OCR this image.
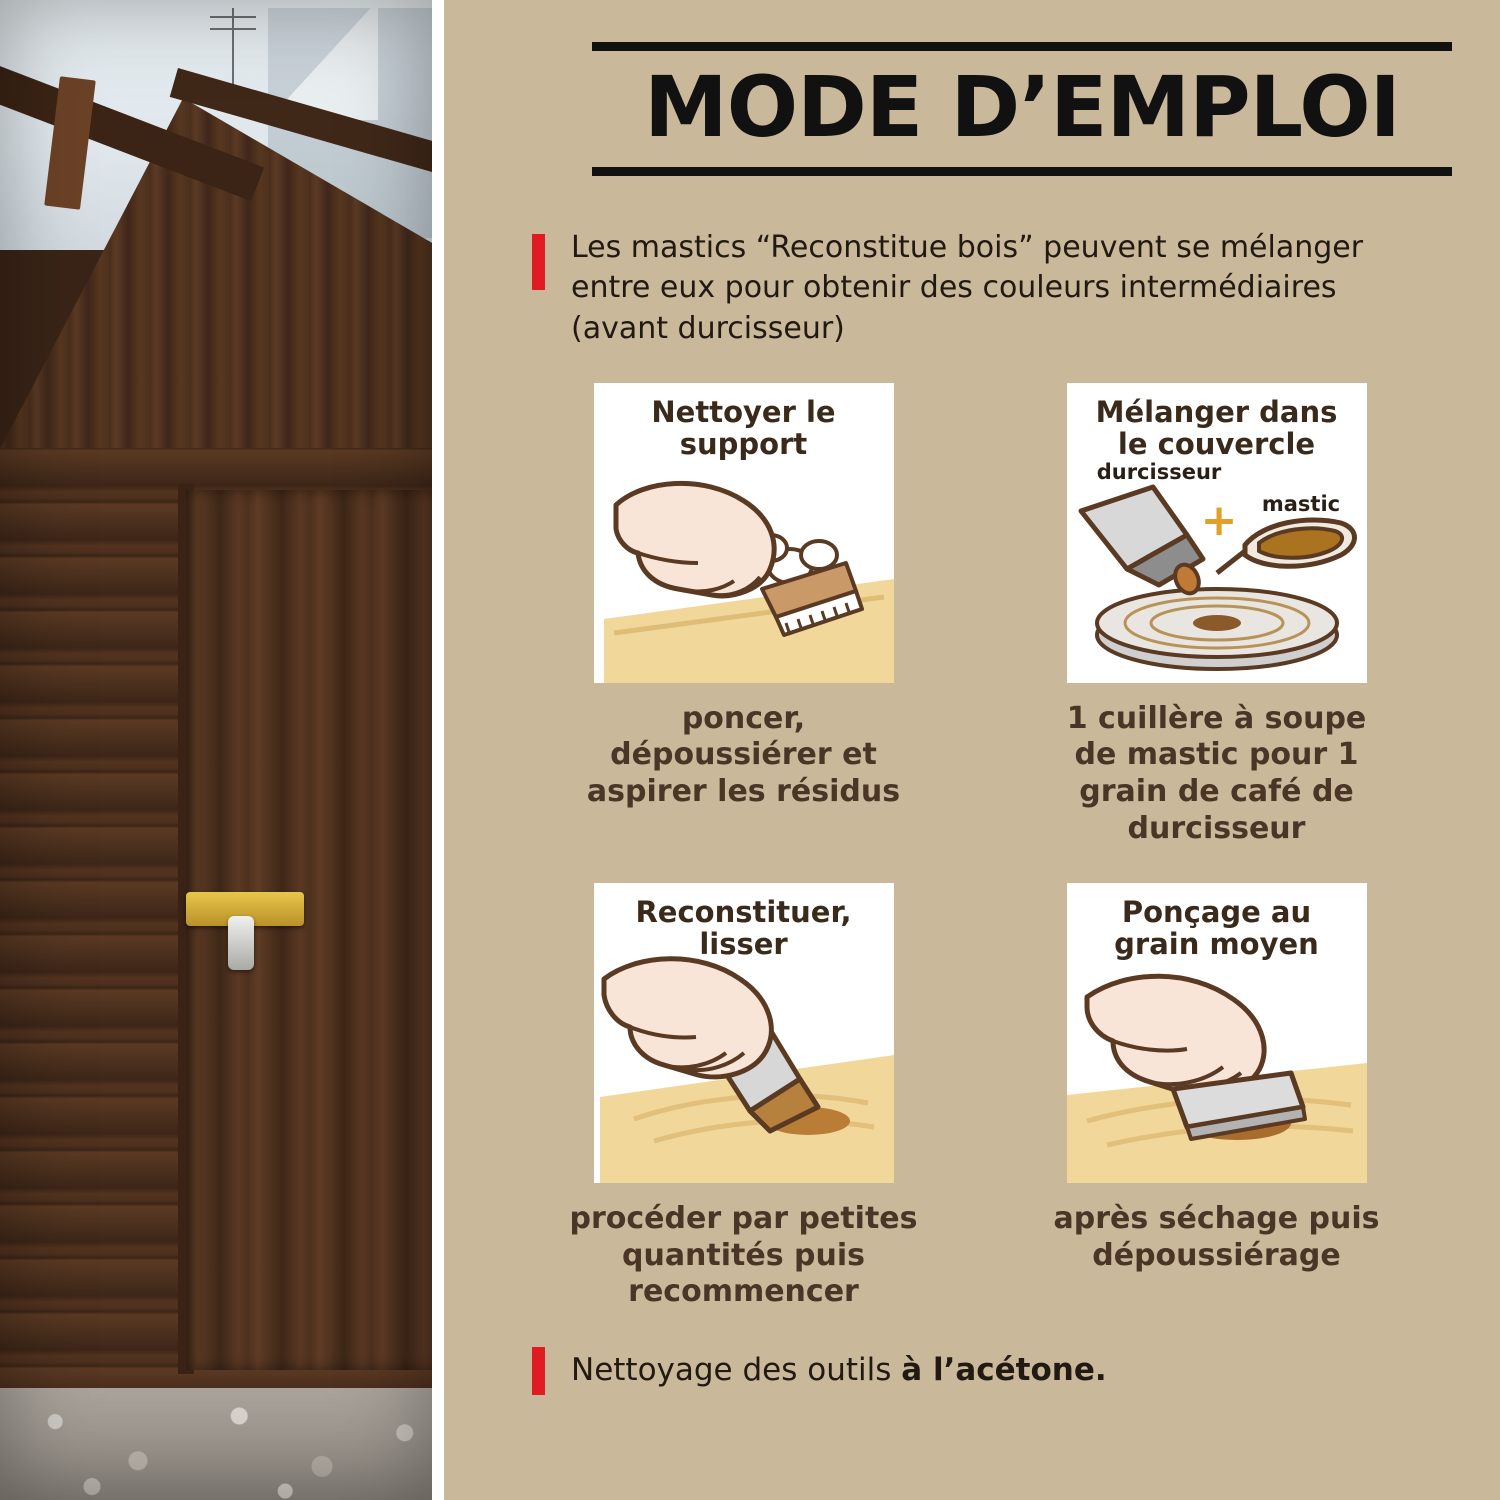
MODE D’EMPLOI
Les mastics “Reconstitue bois” peuvent se mélanger entre eux pour obtenir des couleurs intermédiaires (avant durcisseur)
Nettoyer le support
poncer, dépoussiérer et aspirer les résidus
Mélanger dans le couvercle
durcisseur
+ mastic
1 cuillère à soupe de mastic pour 1 grain de café de durcisseur
Reconstituer, lisser
procéder par petites quantités puis recommencer
Ponçage au grain moyen
après séchage puis dépoussiérage
Nettoyage des outils à l’acétone.
